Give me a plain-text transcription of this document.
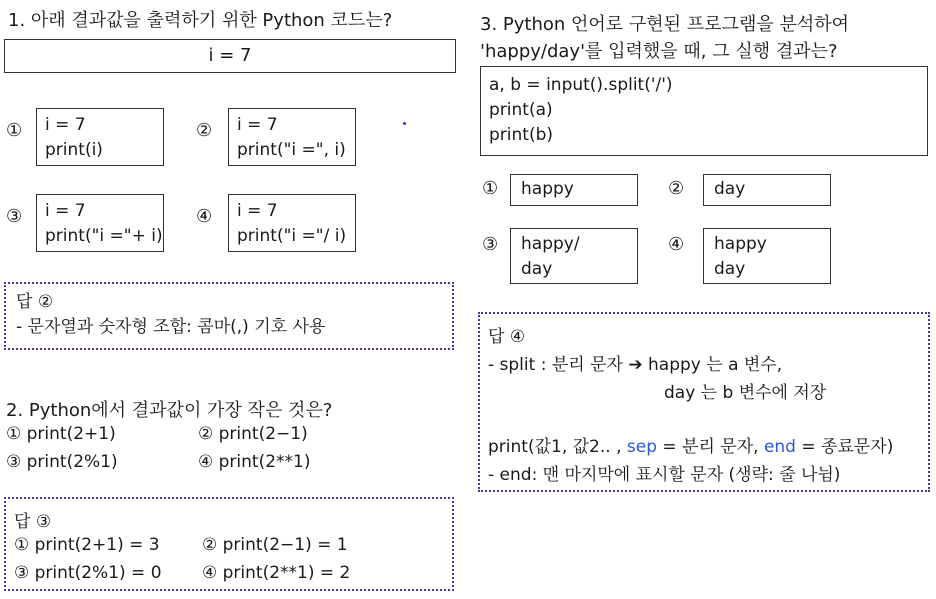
1. 아래 결과값을 출력하기 위한 Python 코드는?
i = 7
① i = 7
print(i)
② i = 7
print("i =", i)
③ i = 7
print("i ="+ i)
④ i = 7
print("i ="/ i)
답 ②
- 문자열과 숫자형 조합: 콤마(,) 기호 사용
2. Python에서 결과값이 가장 작은 것은?
① print(2+1)	② print(2−1)
③ print(2%1)	④ print(2**1)
답 ③
① print(2+1) = 3 ② print(2−1) = 1
③ print(2%1) = 0 ④ print(2**1) = 2
3. Python 언어로 구현된 프로그램을 분석하여
'happy/day'를 입력했을 때, 그 실행 결과는?
a, b = input().split('/')
print(a)
print(b)
① happy	② day
③ happy/
day
④ happy
day
답 ④
- split : 분리 문자 ➔ happy 는 a 변수,
day 는 b 변수에 저장
print(값1, 값2.. , sep = 분리 문자, end = 종료문자)
- end: 맨 마지막에 표시할 문자 (생략: 줄 나뉨)
